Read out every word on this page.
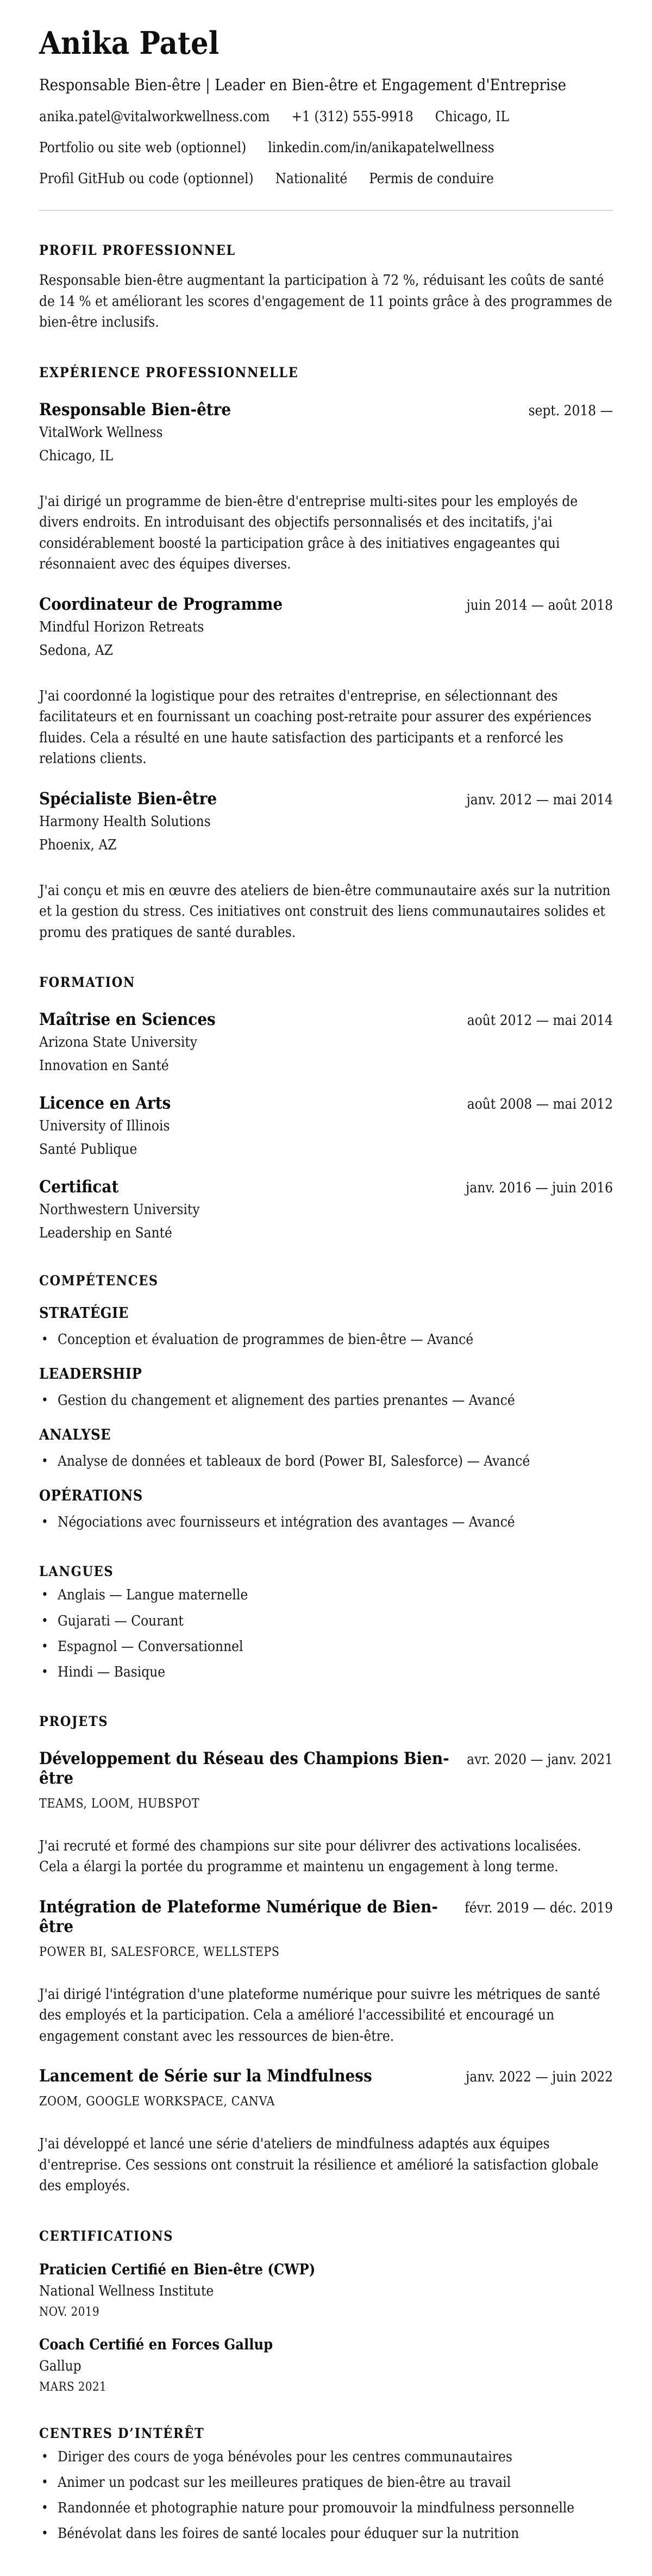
Anika Patel
Responsable Bien-être | Leader en Bien-être et Engagement d'Entreprise
anika.patel@vitalworkwellness.com +1 (312) 555-9918 Chicago, IL
Portfolio ou site web (optionnel) linkedin.com/in/anikapatelwellness
Profil GitHub ou code (optionnel) Nationalité Permis de conduire
PROFIL PROFESSIONNEL

Responsable bien-être augmentant la participation à 72 %, réduisant les coûts de santé de 14 % et améliorant les scores d'engagement de 11 points grâce à des programmes de bien-être inclusifs.

EXPÉRIENCE PROFESSIONNELLE
Responsable Bien-être	sept. 2018 —
VitalWork Wellness
Chicago, IL

J'ai dirigé un programme de bien-être d'entreprise multi-sites pour les employés de divers endroits. En introduisant des objectifs personnalisés et des incitatifs, j'ai considérablement boosté la participation grâce à des initiatives engageantes qui résonnaient avec des équipes diverses.

Coordinateur de Programme	juin 2014 — août 2018
Mindful Horizon Retreats
Sedona, AZ

J'ai coordonné la logistique pour des retraites d'entreprise, en sélectionnant des facilitateurs et en fournissant un coaching post-retraite pour assurer des expériences fluides. Cela a résulté en une haute satisfaction des participants et a renforcé les relations clients.

Spécialiste Bien-être	janv. 2012 — mai 2014
Harmony Health Solutions
Phoenix, AZ

J'ai conçu et mis en œuvre des ateliers de bien-être communautaire axés sur la nutrition et la gestion du stress. Ces initiatives ont construit des liens communautaires solides et promu des pratiques de santé durables.

FORMATION
Maîtrise en Sciences	août 2012 — mai 2014
Arizona State University
Innovation en Santé
Licence en Arts	août 2008 — mai 2012
University of Illinois
Santé Publique
Certificat	janv. 2016 — juin 2016
Northwestern University
Leadership en Santé
COMPÉTENCES
STRATÉGIE
• Conception et évaluation de programmes de bien-être — Avancé
LEADERSHIP
• Gestion du changement et alignement des parties prenantes — Avancé
ANALYSE
• Analyse de données et tableaux de bord (Power BI, Salesforce) — Avancé
OPÉRATIONS
• Négociations avec fournisseurs et intégration des avantages — Avancé
LANGUES
• Anglais — Langue maternelle
• Gujarati — Courant
• Espagnol — Conversationnel
• Hindi — Basique
PROJETS
Développement du Réseau des Champions Bien-être
avr. 2020 — janv. 2021
TEAMS, LOOM, HUBSPOT

J'ai recruté et formé des champions sur site pour délivrer des activations localisées. Cela a élargi la portée du programme et maintenu un engagement à long terme.

Intégration de Plateforme Numérique de Bien-être
févr. 2019 — déc. 2019
POWER BI, SALESFORCE, WELLSTEPS

J'ai dirigé l'intégration d'une plateforme numérique pour suivre les métriques de santé des employés et la participation. Cela a amélioré l'accessibilité et encouragé un engagement constant avec les ressources de bien-être.

Lancement de Série sur la Mindfulness	janv. 2022 — juin 2022
ZOOM, GOOGLE WORKSPACE, CANVA

J'ai développé et lancé une série d'ateliers de mindfulness adaptés aux équipes d'entreprise. Ces sessions ont construit la résilience et amélioré la satisfaction globale des employés.

CERTIFICATIONS
Praticien Certifié en Bien-être (CWP)
National Wellness Institute
NOV. 2019
Coach Certifié en Forces Gallup
Gallup
MARS 2021
CENTRES D’INTÉRÊT
• Diriger des cours de yoga bénévoles pour les centres communautaires
• Animer un podcast sur les meilleures pratiques de bien-être au travail
• Randonnée et photographie nature pour promouvoir la mindfulness personnelle
• Bénévolat dans les foires de santé locales pour éduquer sur la nutrition
